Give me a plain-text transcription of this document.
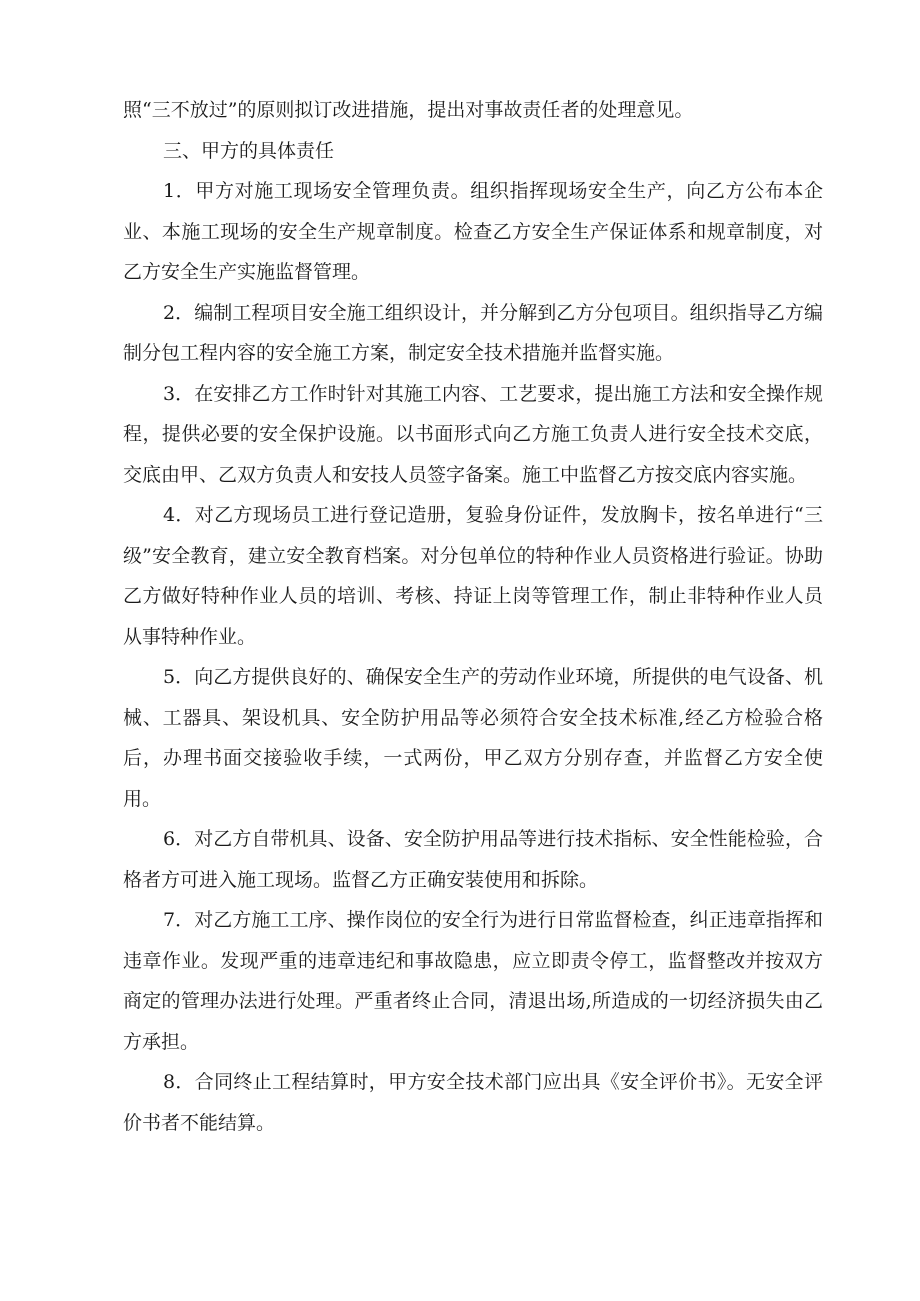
照“三不放过”的原则拟订改进措施，提出对事故责任者的处理意见。

三、甲方的具体责任

1．甲方对施工现场安全管理负责。组织指挥现场安全生产，向乙方公布本企业、本施工现场的安全生产规章制度。检查乙方安全生产保证体系和规章制度，对乙方安全生产实施监督管理。

2．编制工程项目安全施工组织设计，并分解到乙方分包项目。组织指导乙方编制分包工程内容的安全施工方案，制定安全技术措施并监督实施。

3．在安排乙方工作时针对其施工内容、工艺要求，提出施工方法和安全操作规程，提供必要的安全保护设施。以书面形式向乙方施工负责人进行安全技术交底，交底由甲、乙双方负责人和安技人员签字备案。施工中监督乙方按交底内容实施。

4．对乙方现场员工进行登记造册，复验身份证件，发放胸卡，按名单进行“三级”安全教育，建立安全教育档案。对分包单位的特种作业人员资格进行验证。协助乙方做好特种作业人员的培训、考核、持证上岗等管理工作，制止非特种作业人员从事特种作业。

5．向乙方提供良好的、确保安全生产的劳动作业环境，所提供的电气设备、机械、工器具、架设机具、安全防护用品等必须符合安全技术标准,经乙方检验合格后，办理书面交接验收手续，一式两份，甲乙双方分别存查，并监督乙方安全使用。

6．对乙方自带机具、设备、安全防护用品等进行技术指标、安全性能检验，合格者方可进入施工现场。监督乙方正确安装使用和拆除。

7．对乙方施工工序、操作岗位的安全行为进行日常监督检查，纠正违章指挥和违章作业。发现严重的违章违纪和事故隐患，应立即责令停工，监督整改并按双方商定的管理办法进行处理。严重者终止合同，清退出场,所造成的一切经济损失由乙方承担。

8．合同终止工程结算时，甲方安全技术部门应出具《安全评价书》。无安全评价书者不能结算。
